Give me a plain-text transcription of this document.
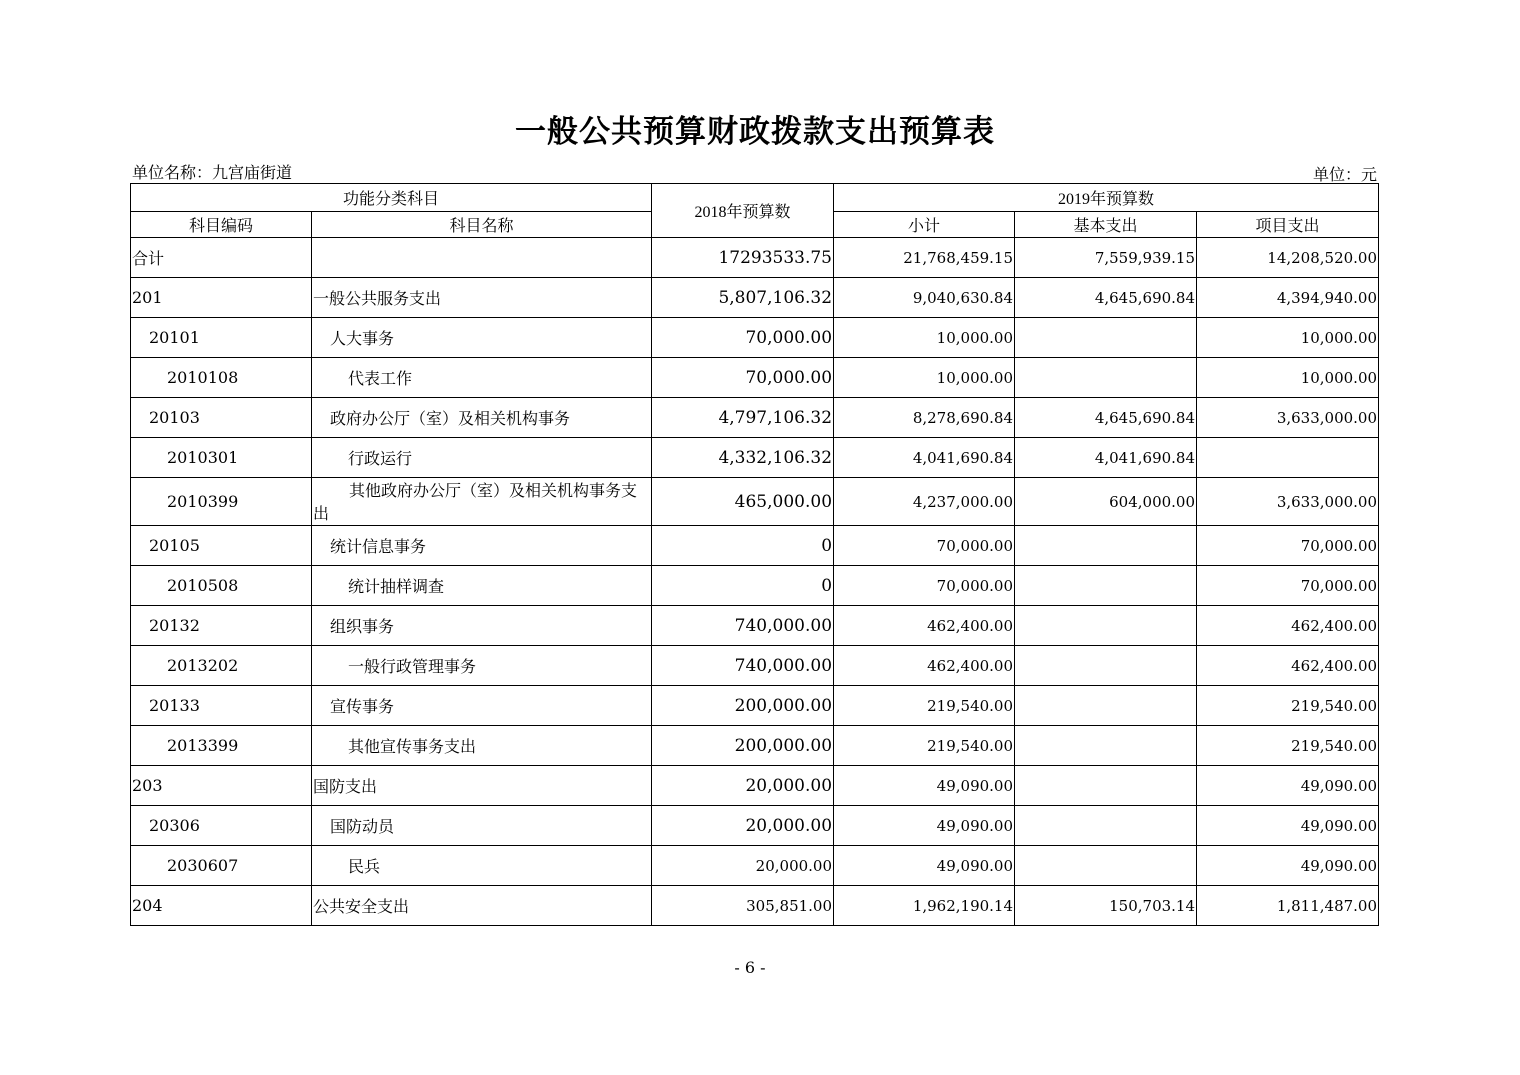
一般公共预算财政拨款支出预算表
单位名称：九宫庙街道	单位：元
功能分类科目		2018年预算数	2019年预算数		
科目编码	科目名称		小计	基本支出	项目支出
合计		17293533.75	21,768,459.15	7,559,939.15	14,208,520.00
201	一般公共服务支出	5,807,106.32	9,040,630.84	4,645,690.84	4,394,940.00
20101	人大事务	70,000.00	10,000.00		10,000.00
2010108	代表工作	70,000.00	10,000.00		10,000.00
20103	政府办公厅（室）及相关机构事务	4,797,106.32	8,278,690.84	4,645,690.84	3,633,000.00
2010301	行政运行	4,332,106.32	4,041,690.84	4,041,690.84	
2010399	其他政府办公厅（室）及相关机构事务支出	465,000.00	4,237,000.00	604,000.00	3,633,000.00
20105	统计信息事务	0	70,000.00		70,000.00
2010508	统计抽样调查	0	70,000.00		70,000.00
20132	组织事务	740,000.00	462,400.00		462,400.00
2013202	一般行政管理事务	740,000.00	462,400.00		462,400.00
20133	宣传事务	200,000.00	219,540.00		219,540.00
2013399	其他宣传事务支出	200,000.00	219,540.00		219,540.00
203	国防支出	20,000.00	49,090.00		49,090.00
20306	国防动员	20,000.00	49,090.00		49,090.00
2030607	民兵	20,000.00	49,090.00		49,090.00
204	公共安全支出	305,851.00	1,962,190.14	150,703.14	1,811,487.00
- 6 -
